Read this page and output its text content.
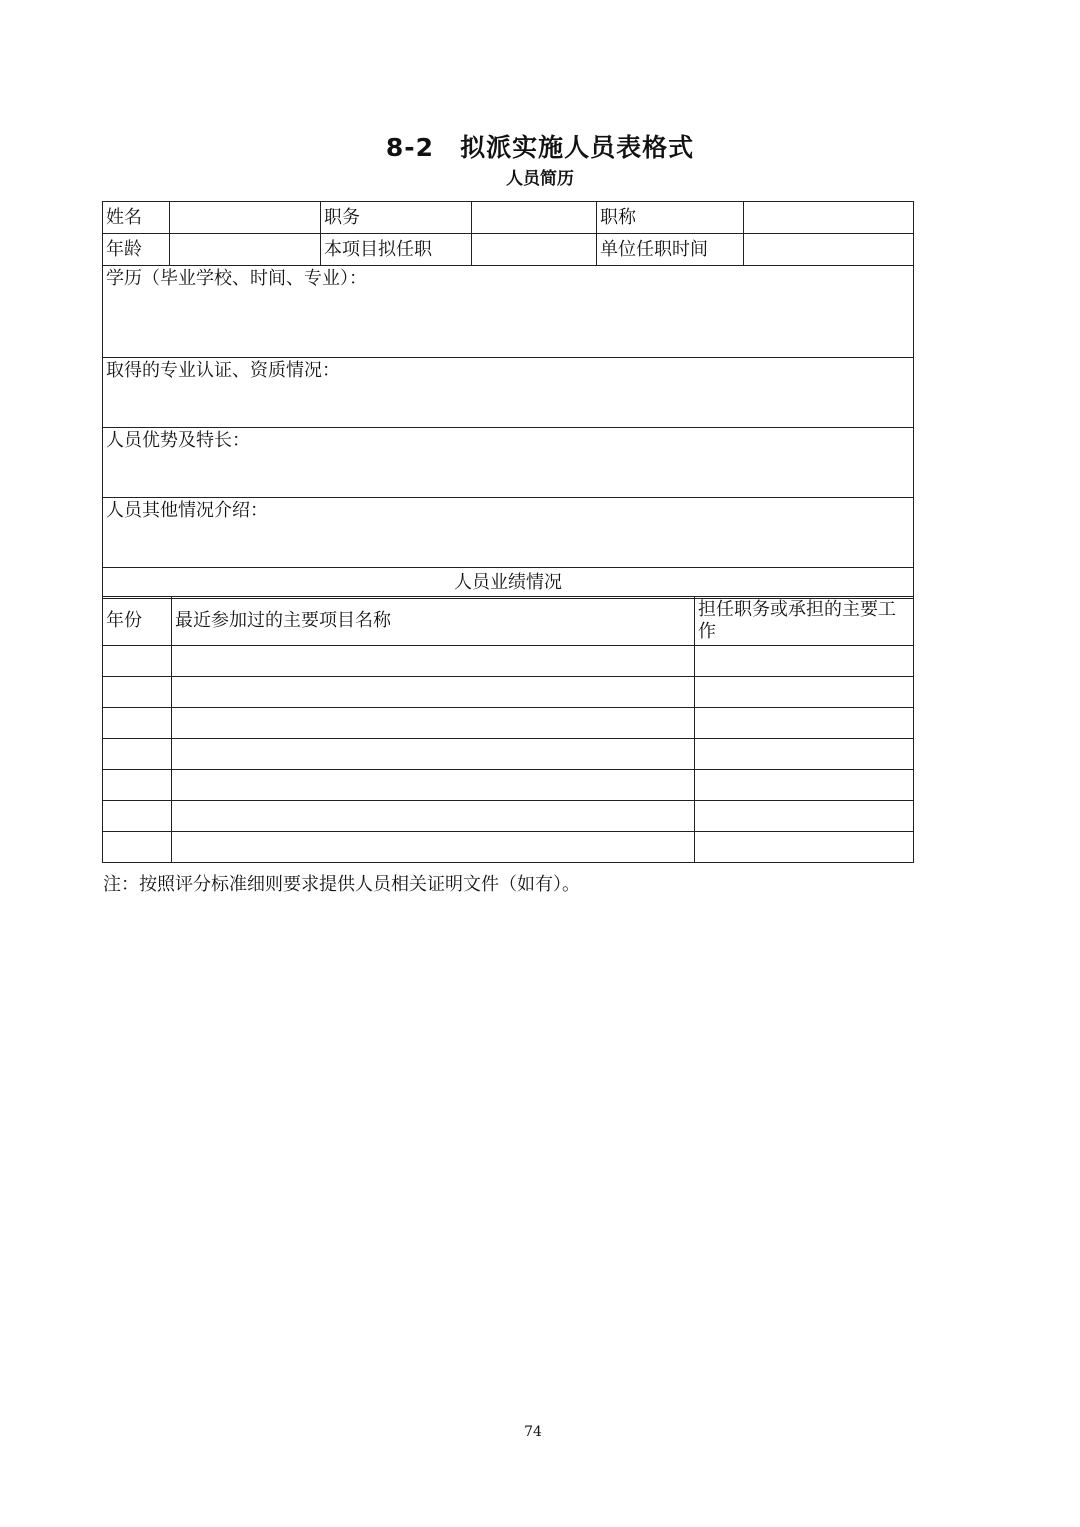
8-2　拟派实施人员表格式
人员简历
姓名		职务		职称	
年龄		本项目拟任职		单位任职时间	
学历（毕业学校、时间、专业）：					
取得的专业认证、资质情况：					
人员优势及特长：					
人员其他情况介绍：					
人员业绩情况					
年份	最近参加过的主要项目名称	担任职务或承担的主要工作

注：按照评分标准细则要求提供人员相关证明文件（如有）。
74
